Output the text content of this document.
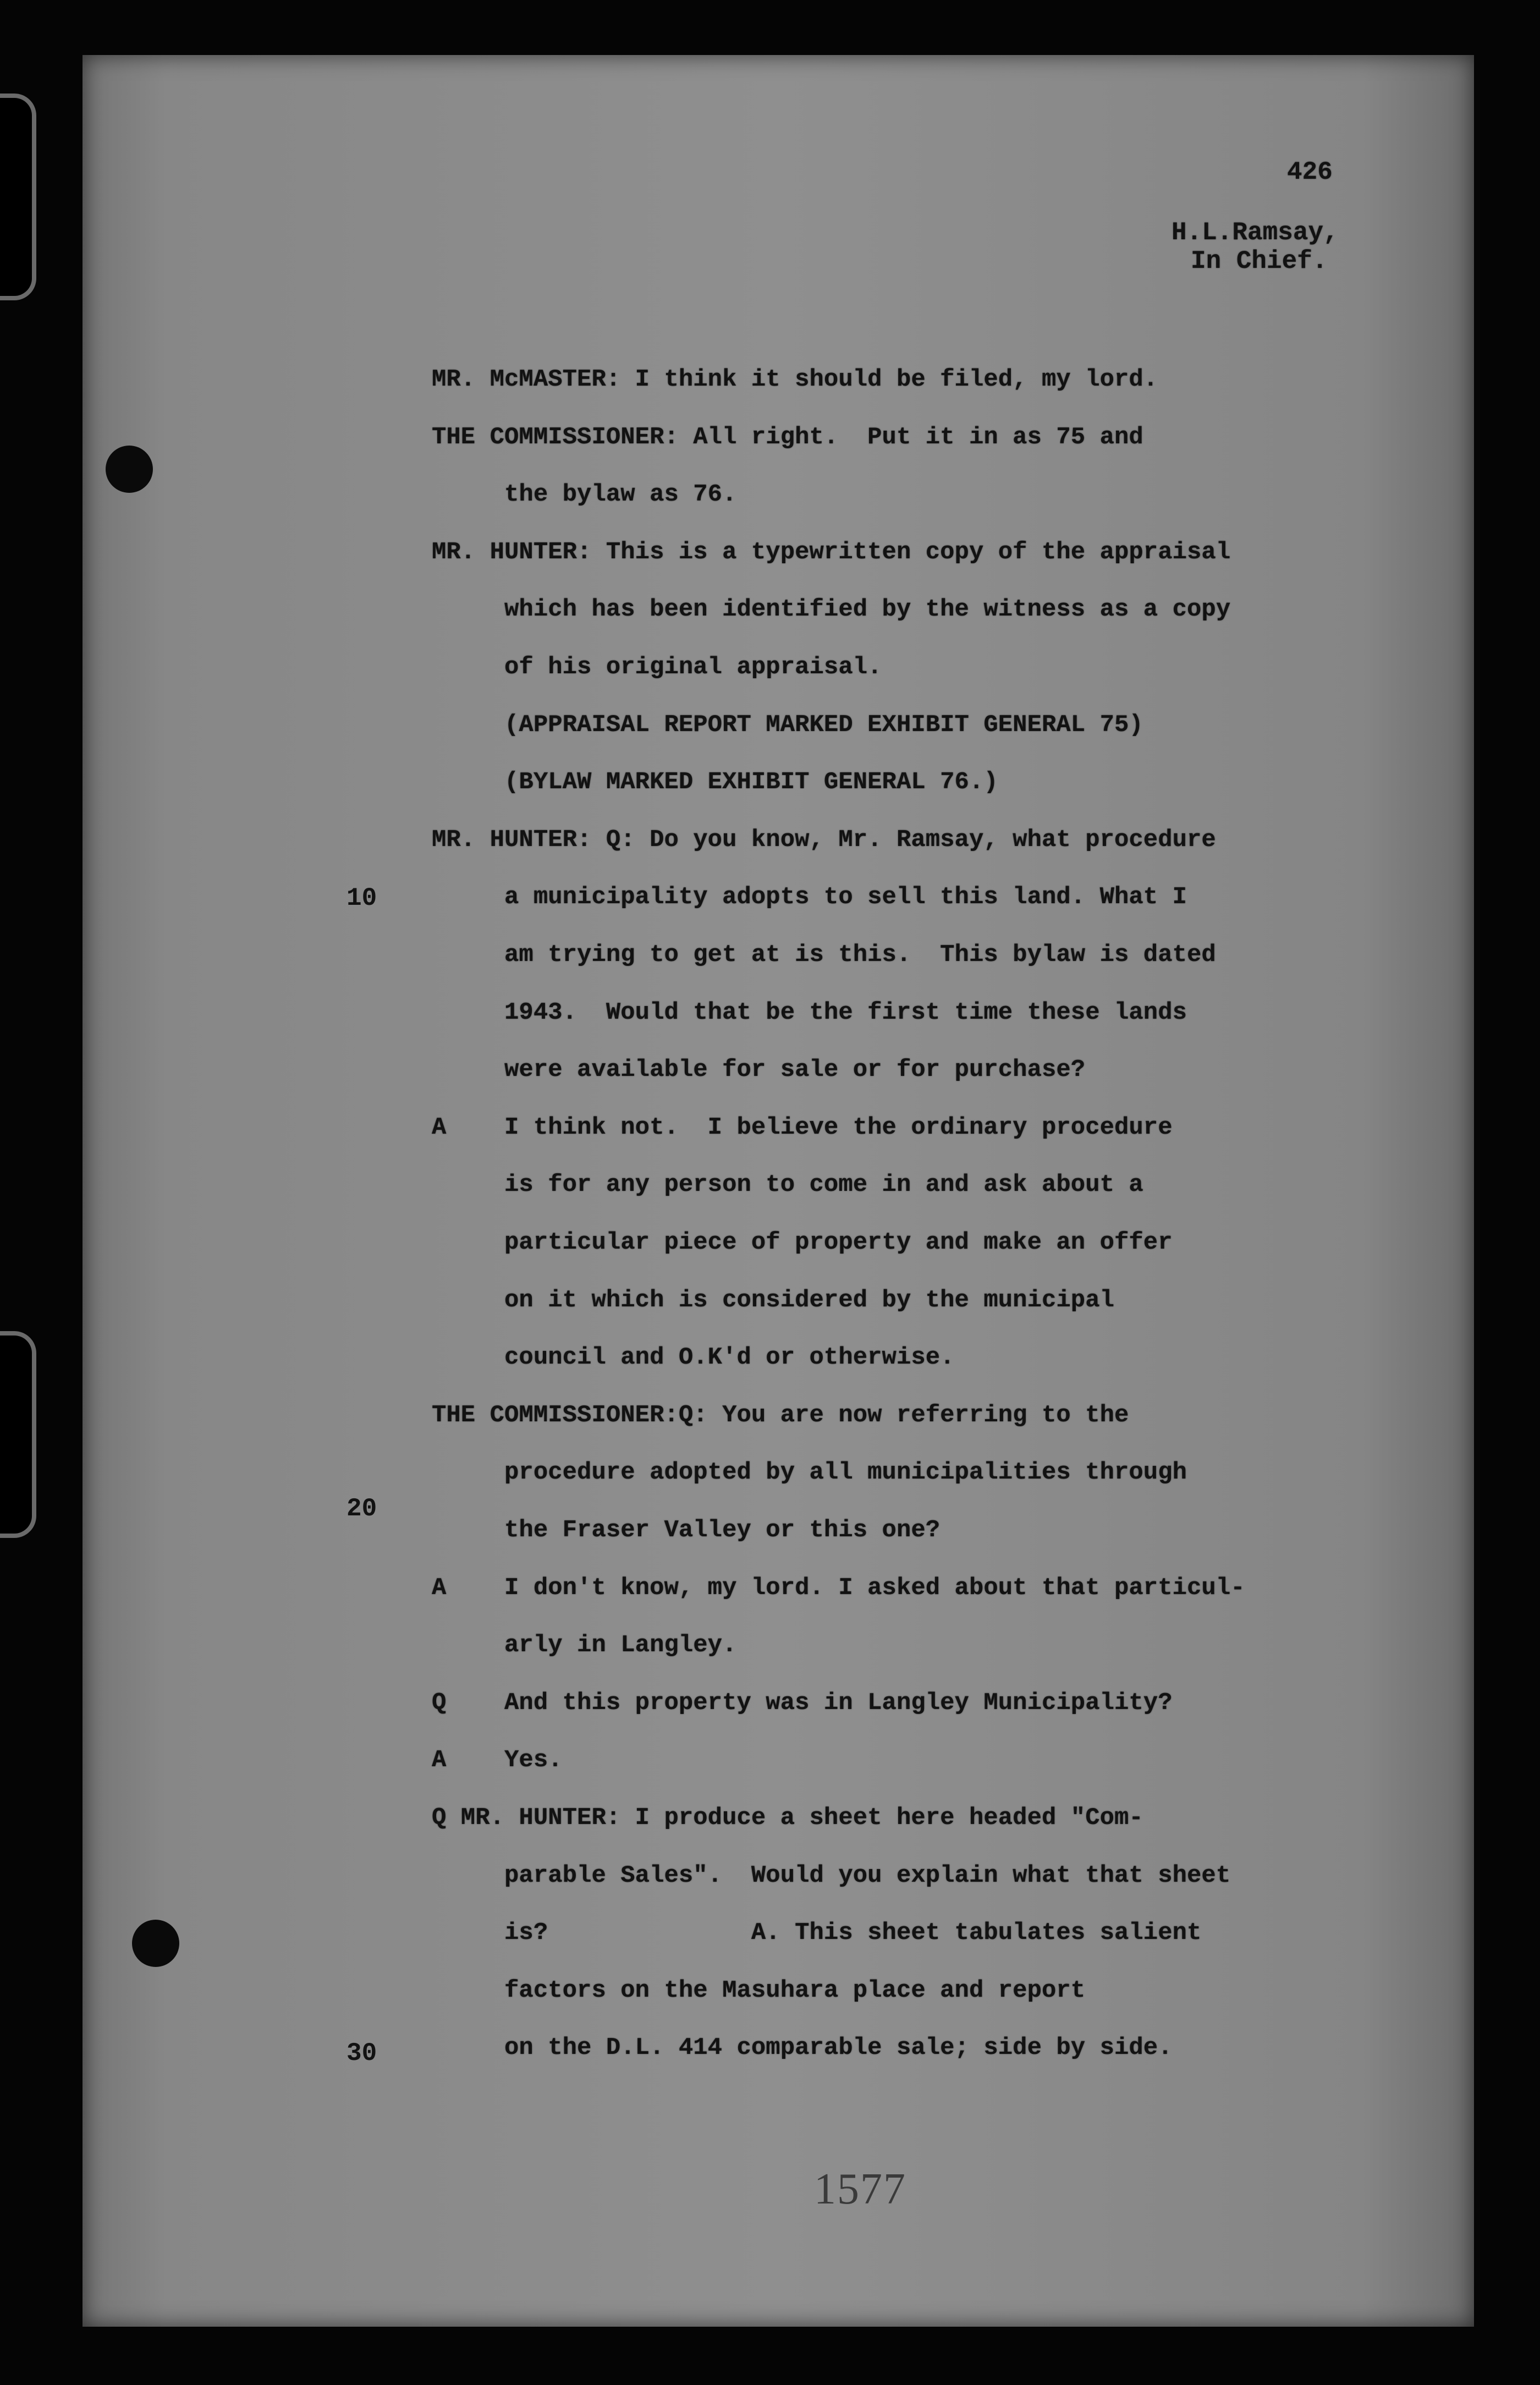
426

H.L.Ramsay,

In Chief.

10

20

30

MR. McMASTER: I think it should be filed, my lord.

THE COMMISSIONER: All right.  Put it in as 75 and

the bylaw as 76.

MR. HUNTER: This is a typewritten copy of the appraisal

which has been identified by the witness as a copy

of his original appraisal.

(APPRAISAL REPORT MARKED EXHIBIT GENERAL 75)

(BYLAW MARKED EXHIBIT GENERAL 76.)

MR. HUNTER: Q: Do you know, Mr. Ramsay, what procedure

a municipality adopts to sell this land. What I

am trying to get at is this.  This bylaw is dated

1943.  Would that be the first time these lands

were available for sale or for purchase?

A    I think not.  I believe the ordinary procedure

is for any person to come in and ask about a

particular piece of property and make an offer

on it which is considered by the municipal

council and O.K'd or otherwise.

THE COMMISSIONER:Q: You are now referring to the

procedure adopted by all municipalities through

the Fraser Valley or this one?

A    I don't know, my lord. I asked about that particul-

arly in Langley.

Q    And this property was in Langley Municipality?

A    Yes.

Q MR. HUNTER: I produce a sheet here headed "Com-

parable Sales".  Would you explain what that sheet

is?              A. This sheet tabulates salient

factors on the Masuhara place and report

on the D.L. 414 comparable sale; side by side.

1577
